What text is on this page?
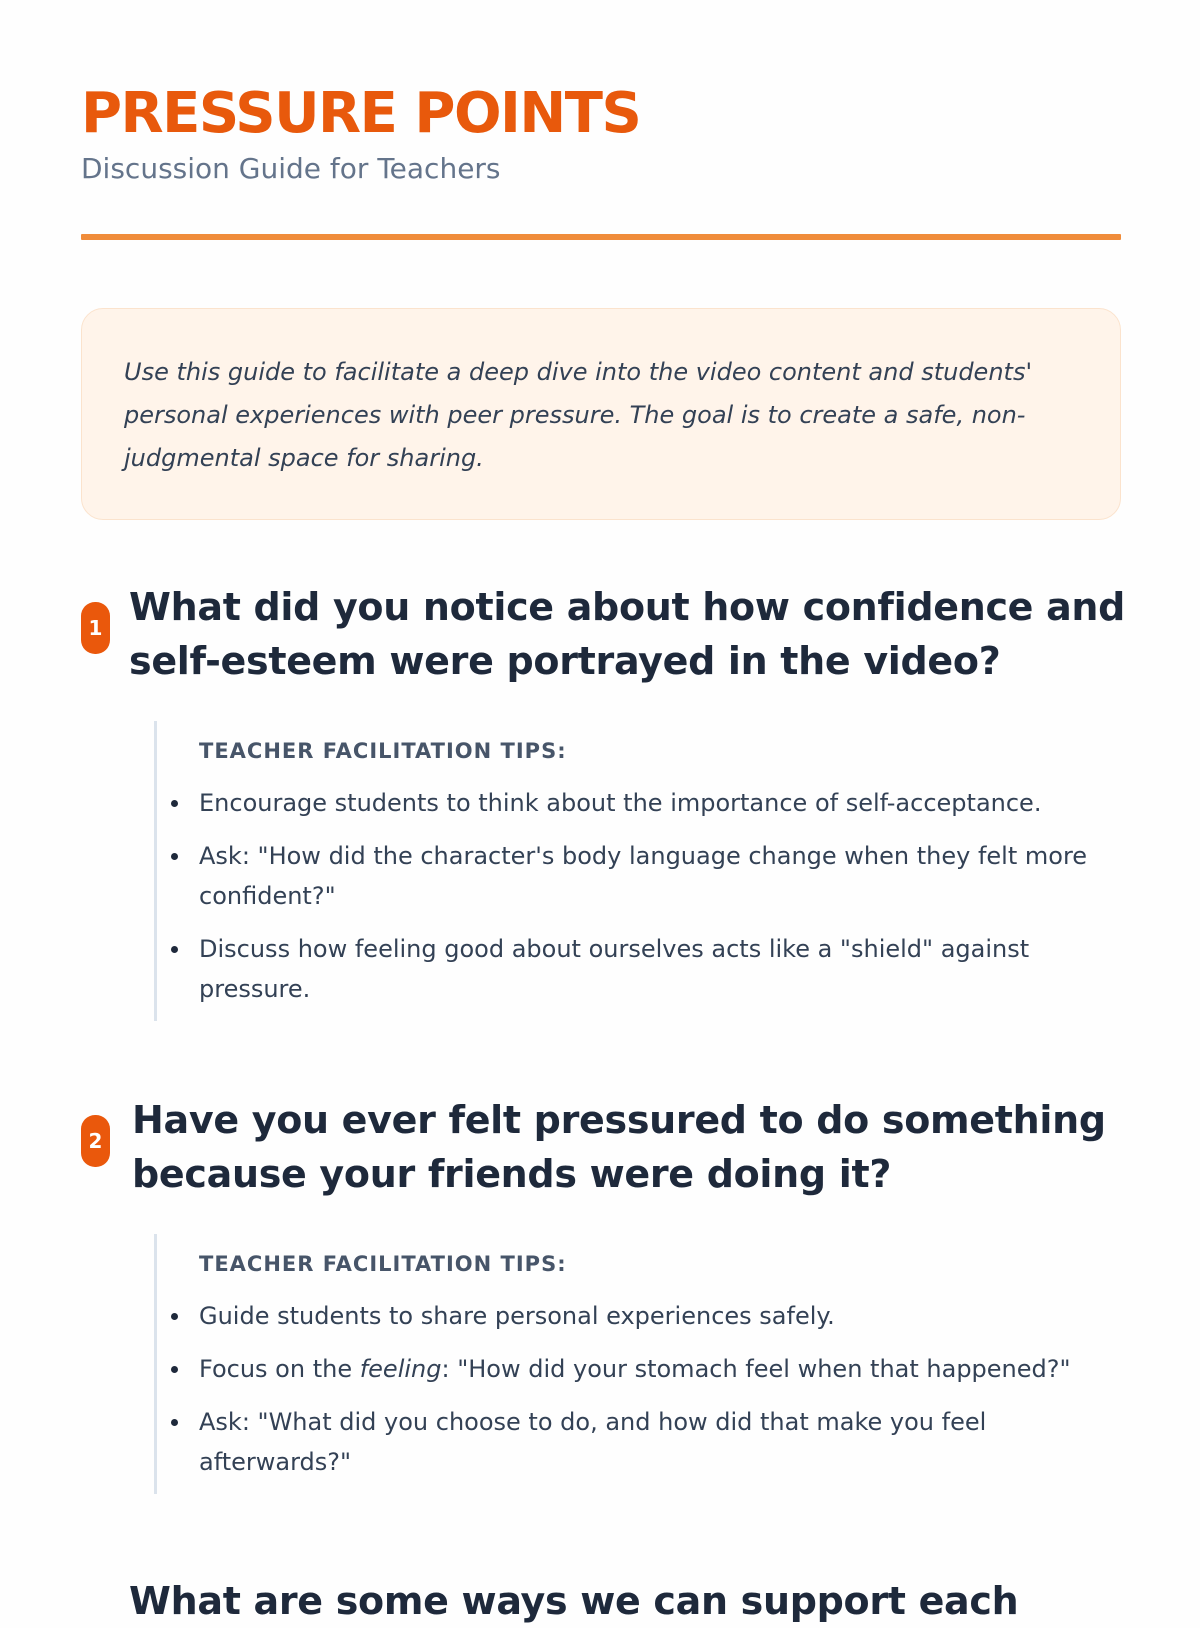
PRESSURE POINTS
Discussion Guide for Teachers

Use this guide to facilitate a deep dive into the video content and students' personal experiences with peer pressure. The goal is to create a safe, non-judgmental space for sharing.

1 What did you notice about how confidence and self-esteem were portrayed in the video?
TEACHER FACILITATION TIPS:
Encourage students to think about the importance of self-acceptance.
Ask: "How did the character's body language change when they felt more confident?"
Discuss how feeling good about ourselves acts like a "shield" against pressure.
2 Have you ever felt pressured to do something because your friends were doing it?
TEACHER FACILITATION TIPS:
Guide students to share personal experiences safely.
Focus on the feeling: "How did your stomach feel when that happened?"
Ask: "What did you choose to do, and how did that make you feel afterwards?"
What are some ways we can support each
